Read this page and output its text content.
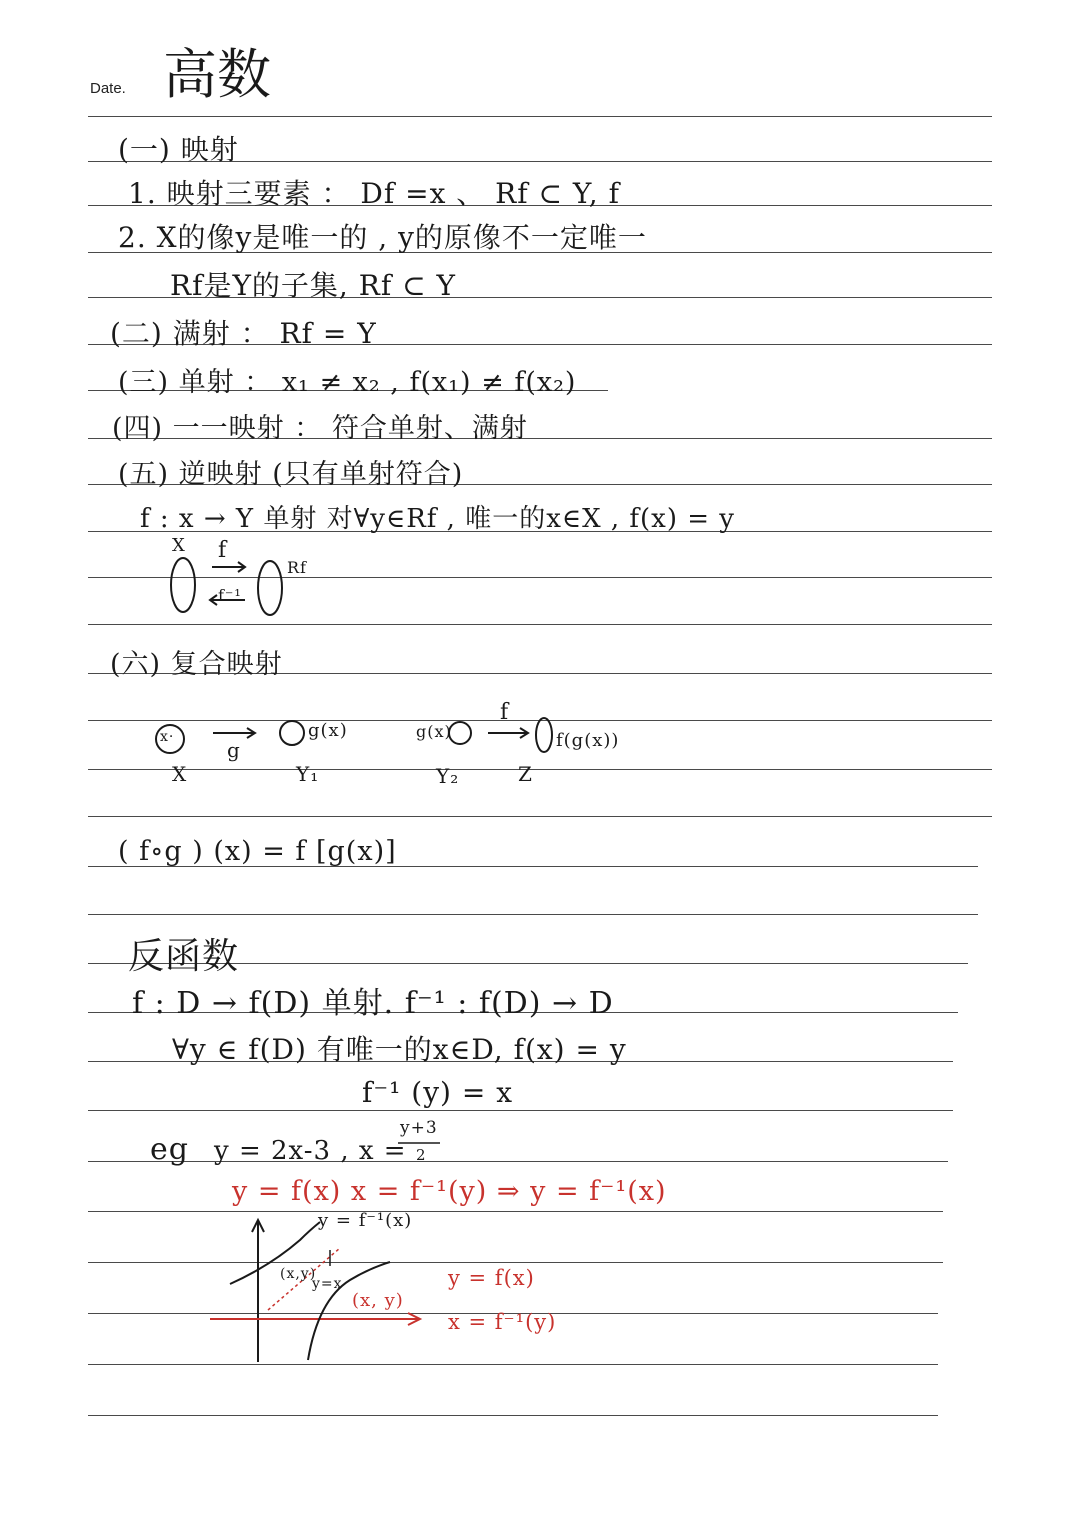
Date. 高数
(一) 映射
1. 映射三要素 ： Df =x 、 Rf ⊂ Y, f
2. X的像y是唯一的 , y的原像不一定唯一
Rf是Y的子集, Rf ⊂ Y
(二) 满射 ： Rf = Y
(三) 单射 ： x₁ ≠ x₂ , f(x₁) ≠ f(x₂)
(四) 一一映射 ： 符合单射、满射
(五) 逆映射 (只有单射符合)
f : x → Y 单射 对∀y∈Rf , 唯一的x∈X , f(x) = y
X f
f⁻¹
Rf
(六) 复合映射
x·
g
g(x)	g(x)
f
f(g(x))
X	Y₁	Y₂	Z
( f∘g ) (x) = f [g(x)]
反函数
f : D → f(D) 单射. f⁻¹ : f(D) → D
∀y ∈ f(D) 有唯一的x∈D, f(x) = y
f⁻¹ (y) = x
eg y = 2x-3 , x =
y+3
2
y = f(x) x = f⁻¹(y) ⇒ y = f⁻¹(x)
y = f⁻¹(x)
(x,y)
y=x
(x, y)
y = f(x)
x = f⁻¹(y)
